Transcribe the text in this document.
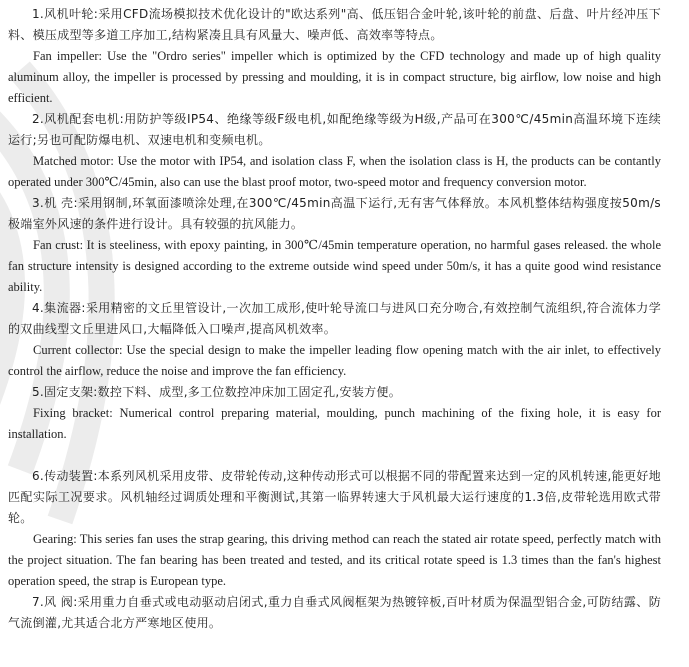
1.风机叶轮:采用CFD流场模拟技术优化设计的"欧达系列"高、低压铝合金叶轮,该叶轮的前盘、后盘、叶片经冲压下料、模压成型等多道工序加工,结构紧凑且具有风量大、噪声低、高效率等特点。

Fan impeller: Use the "Ordro series" impeller which is optimized by the CFD technology and made up of high quality aluminum alloy, the impeller is processed by pressing and moulding, it is in compact structure, big airflow, low noise and high efficient.

2.风机配套电机:用防护等级IP54、绝缘等级F级电机,如配绝缘等级为H级,产品可在300℃/45min高温环境下连续运行;另也可配防爆电机、双速电机和变频电机。

Matched motor: Use the motor with IP54, and isolation class F, when the isolation class is H, the products can be contantly operated under 300℃/45min, also can use the blast proof motor, two-speed motor and frequency conversion motor.

3.机 壳:采用钢制,环氧面漆喷涂处理,在300℃/45min高温下运行,无有害气体释放。本风机整体结构强度按50m/s极端室外风速的条件进行设计。具有较强的抗风能力。

Fan crust: It is steeliness, with epoxy painting, in 300℃/45min temperature operation, no harmful gases released. the whole fan structure intensity is designed according to the extreme outside wind speed under 50m/s, it has a quite good wind resistance ability.

4.集流器:采用精密的文丘里管设计,一次加工成形,使叶轮导流口与进风口充分吻合,有效控制气流组织,符合流体力学的双曲线型文丘里进风口,大幅降低入口噪声,提高风机效率。

Current collector: Use the special design to make the impeller leading flow opening match with the air inlet, to effectively control the airflow, reduce the noise and improve the fan efficiency.

5.固定支架:数控下料、成型,多工位数控冲床加工固定孔,安装方便。

Fixing bracket: Numerical control preparing material, moulding, punch machining of the fixing hole, it is easy for installation.

6.传动装置:本系列风机采用皮带、皮带轮传动,这种传动形式可以根据不同的带配置来达到一定的风机转速,能更好地匹配实际工况要求。风机轴经过调质处理和平衡测试,其第一临界转速大于风机最大运行速度的1.3倍,皮带轮选用欧式带轮。

Gearing: This series fan uses the strap gearing, this driving method can reach the stated air rotate speed, perfectly match with the project situation. The fan bearing has been treated and tested, and its critical rotate speed is 1.3 times than the fan's highest operation speed, the strap is European type.

7.风 阀:采用重力自垂式或电动驱动启闭式,重力自垂式风阀框架为热镀锌板,百叶材质为保温型铝合金,可防结露、防气流倒灌,尤其适合北方严寒地区使用。
